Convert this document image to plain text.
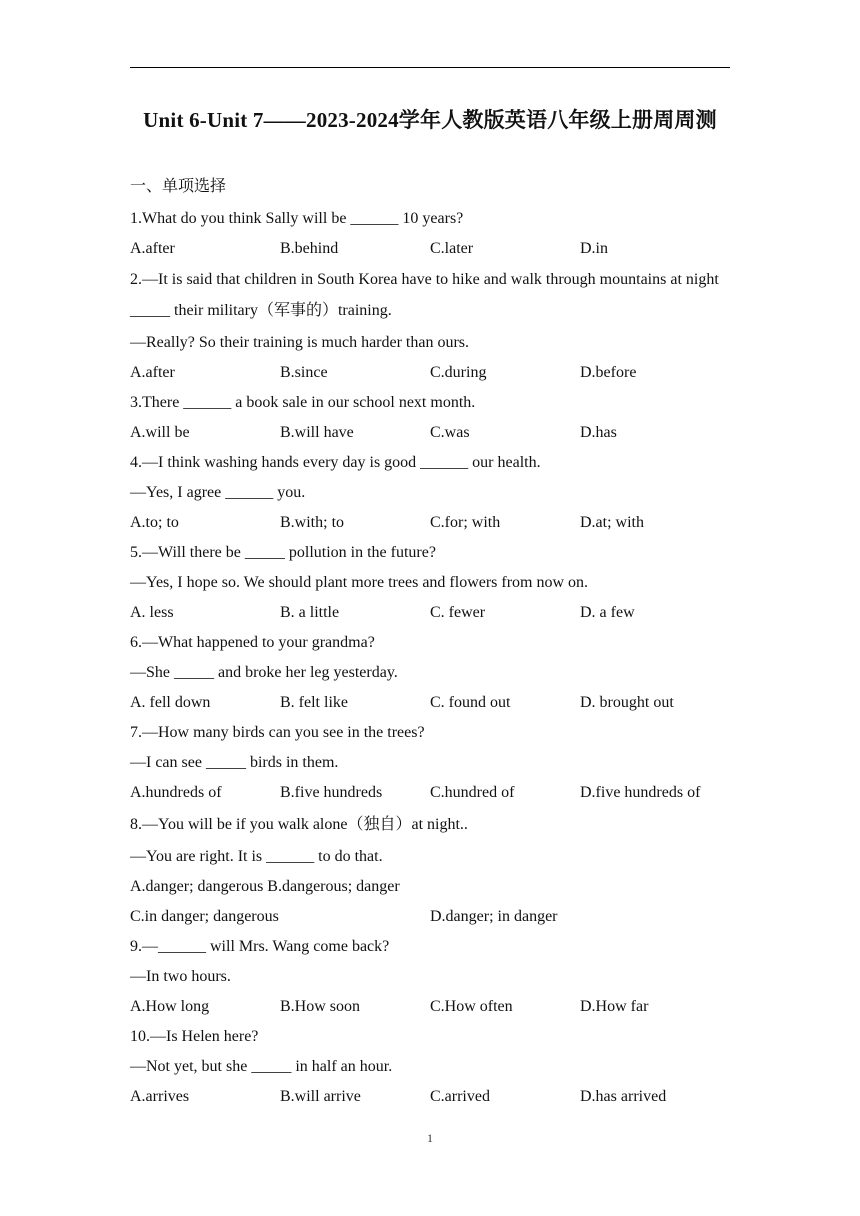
Unit 6-Unit 7——2023-2024学年人教版英语八年级上册周周测
一、单项选择
1.What do you think Sally will be ______ 10 years?
A.after	B.behind	C.later	D.in
2.—It is said that children in South Korea have to hike and walk through mountains at night _____ their military（军事的）training.
—Really? So their training is much harder than ours.
A.after	B.since	C.during	D.before
3.There ______ a book sale in our school next month.
A.will be	B.will have	C.was	D.has
4.—I think washing hands every day is good ______ our health.
—Yes, I agree ______ you.
A.to; to	B.with; to	C.for; with	D.at; with
5.—Will there be _____ pollution in the future?
—Yes, I hope so. We should plant more trees and flowers from now on.
A. less	B. a little	C. fewer	D. a few
6.—What happened to your grandma?
—She _____ and broke her leg yesterday.
A. fell down	B. felt like	C. found out	D. brought out
7.—How many birds can you see in the trees?
—I can see _____ birds in them.
A.hundreds of	B.five hundreds	C.hundred of	D.five hundreds of
8.—You will be if you walk alone（独自）at night..
—You are right. It is ______ to do that.
A.danger; dangerous B.dangerous; danger
C.in danger; dangerous	D.danger; in danger
9.—______ will Mrs. Wang come back?
—In two hours.
A.How long	B.How soon	C.How often	D.How far
10.—Is Helen here?
—Not yet, but she _____ in half an hour.
A.arrives	B.will arrive	C.arrived	D.has arrived
1
